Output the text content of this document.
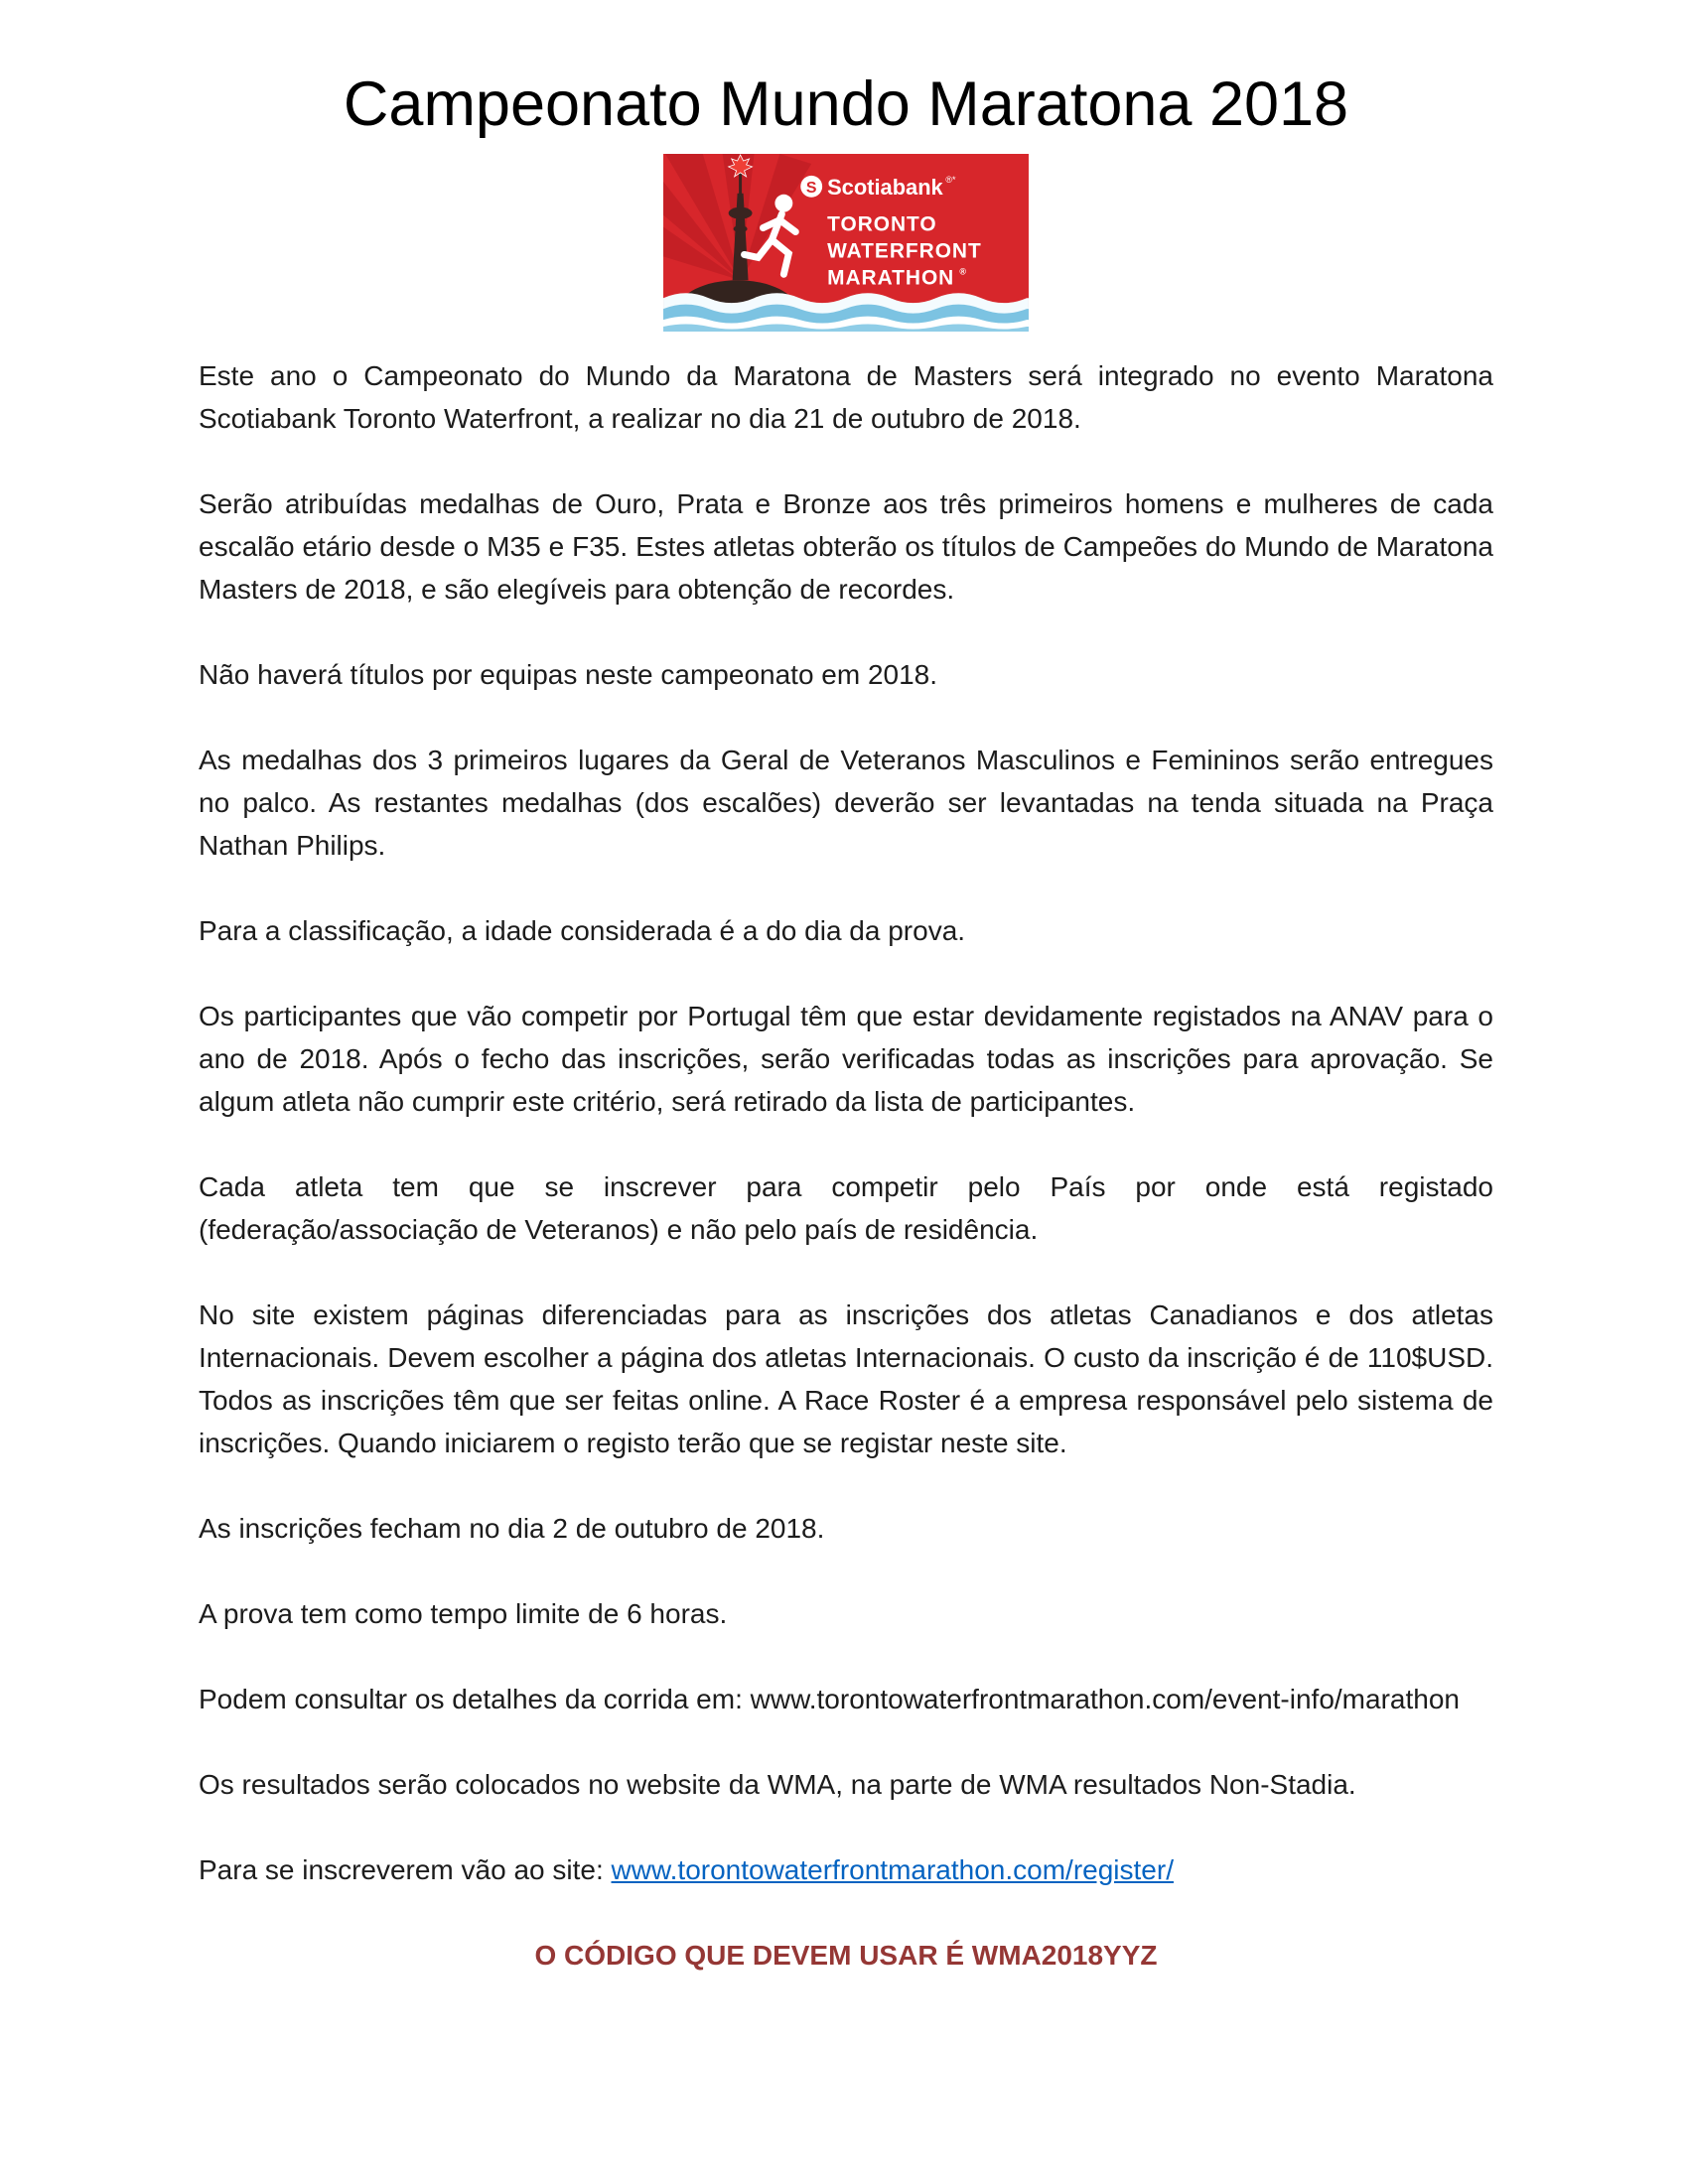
Campeonato Mundo Maratona 2018
S Scotiabank ®*
TORONTO
WATERFRONT
MARATHON ®

Este ano o Campeonato do Mundo da Maratona de Masters será integrado no evento Maratona Scotiabank Toronto Waterfront, a realizar no dia 21 de outubro de 2018.

Serão atribuídas medalhas de Ouro, Prata e Bronze aos três primeiros homens e mulheres de cada escalão etário desde o M35 e F35. Estes atletas obterão os títulos de Campeões do Mundo de Maratona Masters de 2018, e são elegíveis para obtenção de recordes.

Não haverá títulos por equipas neste campeonato em 2018.

As medalhas dos 3 primeiros lugares da Geral de Veteranos Masculinos e Femininos serão entregues no palco. As restantes medalhas (dos escalões) deverão ser levantadas na tenda situada na Praça Nathan Philips.

Para a classificação, a idade considerada é a do dia da prova.

Os participantes que vão competir por Portugal têm que estar devidamente registados na ANAV para o ano de 2018. Após o fecho das inscrições, serão verificadas todas as inscrições para aprovação. Se algum atleta não cumprir este critério, será retirado da lista de participantes.

Cada atleta tem que se inscrever para competir pelo País por onde está registado (federação/associação de Veteranos) e não pelo país de residência.

No site existem páginas diferenciadas para as inscrições dos atletas Canadianos e dos atletas Internacionais. Devem escolher a página dos atletas Internacionais. O custo da inscrição é de 110$USD. Todos as inscrições têm que ser feitas online. A Race Roster é a empresa responsável pelo sistema de inscrições. Quando iniciarem o registo terão que se registar neste site.

As inscrições fecham no dia 2 de outubro de 2018.

A prova tem como tempo limite de 6 horas.

Podem consultar os detalhes da corrida em: www.torontowaterfrontmarathon.com/event-info/marathon

Os resultados serão colocados no website da WMA, na parte de WMA resultados Non-Stadia.

Para se inscreverem vão ao site: www.torontowaterfrontmarathon.com/register/

O CÓDIGO QUE DEVEM USAR É WMA2018YYZ
